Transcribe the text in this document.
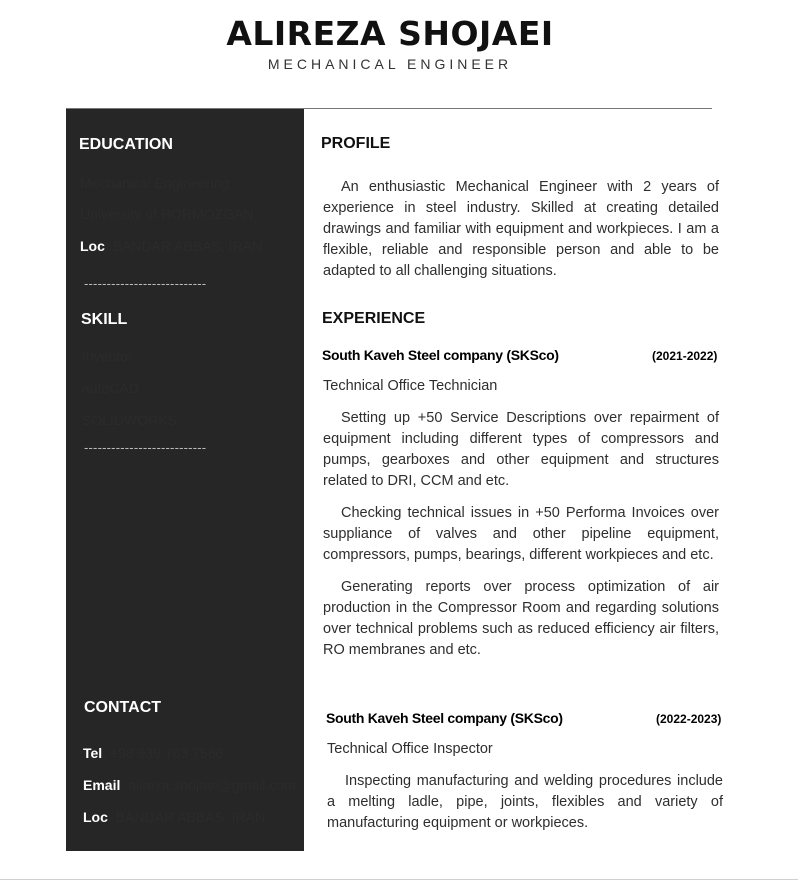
ALIREZA SHOJAEI
MECHANICAL ENGINEER
EDUCATION
Mechanical Engineering
University of HORMOZGAN
Loc: BANDAR ABBAS, IRAN
---------------------------
SKILL
Inventor
autoCAD
SOLIDWORKS
---------------------------
CONTACT
Tel: +98 939 763 7566
Email: alirexa.shojaei@gmail.com
Loc: BANDAR ABBAS, IRAN
PROFILE
An enthusiastic Mechanical Engineer with 2 years of experience in steel industry. Skilled at creating detailed drawings and familiar with equipment and workpieces. I am a flexible, reliable and responsible person and able to be adapted to all challenging situations.
EXPERIENCE
South Kaveh Steel company (SKSco)	(2021-2022)
Technical Office Technician
Setting up +50 Service Descriptions over repairment of equipment including different types of compressors and pumps, gearboxes and other equipment and structures related to DRI, CCM and etc.
Checking technical issues in +50 Performa Invoices over suppliance of valves and other pipeline equipment, compressors, pumps, bearings, different workpieces and etc.
Generating reports over process optimization of air production in the Compressor Room and regarding solutions over technical problems such as reduced efficiency air filters, RO membranes and etc.
South Kaveh Steel company (SKSco)	(2022-2023)
Technical Office Inspector
Inspecting manufacturing and welding procedures include a melting ladle, pipe, joints, flexibles and variety of manufacturing equipment or workpieces.
